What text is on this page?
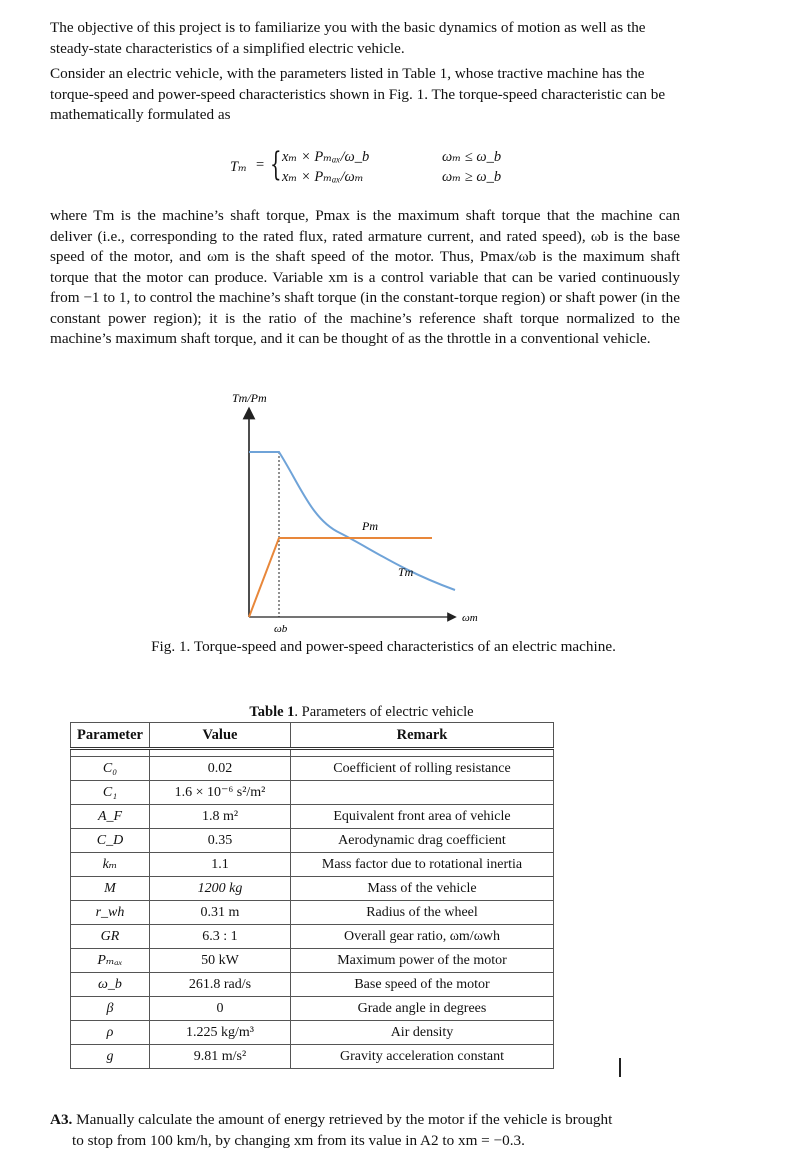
The objective of this project is to familiarize you with the basic dynamics of motion as well as the steady-state characteristics of a simplified electric vehicle.

Consider an electric vehicle, with the parameters listed in Table 1, whose tractive machine has the torque-speed and power-speed characteristics shown in Fig. 1. The torque-speed characteristic can be mathematically formulated as

Tₘ = { xₘ × Pₘₐₓ/ω_b
xₘ × Pₘₐₓ/ωₘ
ωₘ ≤ ω_b
ωₘ ≥ ω_b

where Tm is the machine’s shaft torque, Pmax is the maximum shaft torque that the machine can deliver (i.e., corresponding to the rated flux, rated armature current, and rated speed), ωb is the base speed of the motor, and ωm is the shaft speed of the motor. Thus, Pmax/ωb is the maximum shaft torque that the motor can produce. Variable xm is a control variable that can be varied continuously from −1 to 1, to control the machine’s shaft torque (in the constant-torque region) or shaft power (in the constant power region); it is the ratio of the machine’s reference shaft torque normalized to the machine’s maximum shaft torque, and it can be thought of as the throttle in a conventional vehicle.

Tm/Pm
Pm
Tm
ωm
ωb

Fig. 1. Torque-speed and power-speed characteristics of an electric machine.

Table 1. Parameters of electric vehicle

Parameter	Value	Remark

C₀	0.02	Coefficient of rolling resistance
C₁	1.6 × 10⁻⁶ s²/m²	
A_F	1.8 m²	Equivalent front area of vehicle
C_D	0.35	Aerodynamic drag coefficient
kₘ	1.1	Mass factor due to rotational inertia
M	1200 kg	Mass of the vehicle
r_wh	0.31 m	Radius of the wheel
GR	6.3 : 1	Overall gear ratio, ωm/ωwh
Pₘₐₓ	50 kW	Maximum power of the motor
ω_b	261.8 rad/s	Base speed of the motor
β	0	Grade angle in degrees
ρ	1.225 kg/m³	Air density
g	9.81 m/s²	Gravity acceleration constant

A3. Manually calculate the amount of energy retrieved by the motor if the vehicle is brought

to stop from 100 km/h, by changing xm from its value in A2 to xm = −0.3.
